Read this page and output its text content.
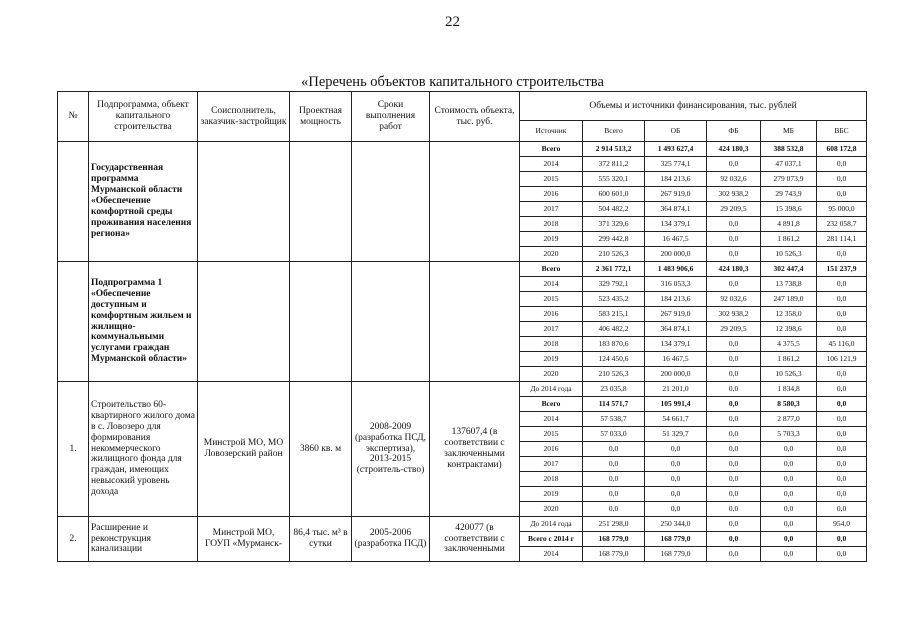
22
«Перечень объектов капитального строительства
№	Подпрограмма, объект капитального строительства	Соисполнитель, заказчик-застройщик	Проектная мощность	Сроки выполнения работ	Стоимость объекта, тыс. руб.	Объемы и источники финансирования, тыс. рублей					
						Источник	Всего	ОБ	ФБ	МБ	ВБС
	Государственная программа Мурманской области «Обеспечение комфортной среды проживания населения региона»					Всего	2 914 513,2	1 493 627,4	424 180,3	388 532,8	608 172,8
						2014	372 811,2	325 774,1	0,0	47 037,1	0,0
						2015	555 320,1	184 213,6	92 032,6	279 073,9	0,0
						2016	600 601,0	267 919,0	302 938,2	29 743,9	0,0
						2017	504 482,2	364 874,1	29 209,5	15 398,6	95 000,0
						2018	371 329,6	134 379,1	0,0	4 891,8	232 058,7
						2019	299 442,8	16 467,5	0,0	1 861,2	281 114,1
						2020	210 526,3	200 000,0	0,0	10 526,3	0,0
	Подпрограмма 1 «Обеспечение доступным и комфортным жильем и жилищно-коммунальными услугами граждан Мурманской области»					Всего	2 361 772,1	1 483 906,6	424 180,3	302 447,4	151 237,9
						2014	329 792,1	316 053,3	0,0	13 738,8	0,0
						2015	523 435,2	184 213,6	92 032,6	247 189,0	0,0
						2016	583 215,1	267 919,0	302 938,2	12 358,0	0,0
						2017	406 482,2	364 874,1	29 209,5	12 398,6	0,0
						2018	183 870,6	134 379,1	0,0	4 375,5	45 116,0
						2019	124 450,6	16 467,5	0,0	1 861,2	106 121,9
						2020	210 526,3	200 000,0	0,0	10 526,3	0,0
1.	Строительство 60-квартирного жилого дома в с. Ловозеро для формирования некоммерческого жилищного фонда для граждан, имеющих невысокий уровень дохода	Минстрой МО, МО Ловозерский район	3860 кв. м	2008-2009 (разработка ПСД, экспертиза), 2013-2015 (строитель-ство)	137607,4 (в соответствии с заключенными контрактами)	До 2014 года	23 035,8	21 201,0	0,0	1 834,8	0,0
						Всего	114 571,7	105 991,4	0,0	8 580,3	0,0
						2014	57 538,7	54 661,7	0,0	2 877,0	0,0
						2015	57 033,0	51 329,7	0,0	5 703,3	0,0
						2016	0,0	0,0	0,0	0,0	0,0
						2017	0,0	0,0	0,0	0,0	0,0
						2018	0,0	0,0	0,0	0,0	0,0
						2019	0,0	0,0	0,0	0,0	0,0
						2020	0,0	0,0	0,0	0,0	0,0
2.	Расширение и реконструкция канализации	Минстрой МО, ГОУП «Мурманск-	86,4 тыс. м³ в сутки	2005-2006 (разработка ПСД)	420077 (в соответствии с заключенными	До 2014 года	251 298,0	250 344,0	0,0	0,0	954,0
						Всего с 2014 г	168 779,0	168 779,0	0,0	0,0	0,0
						2014	168 779,0	168 779,0	0,0	0,0	0,0
